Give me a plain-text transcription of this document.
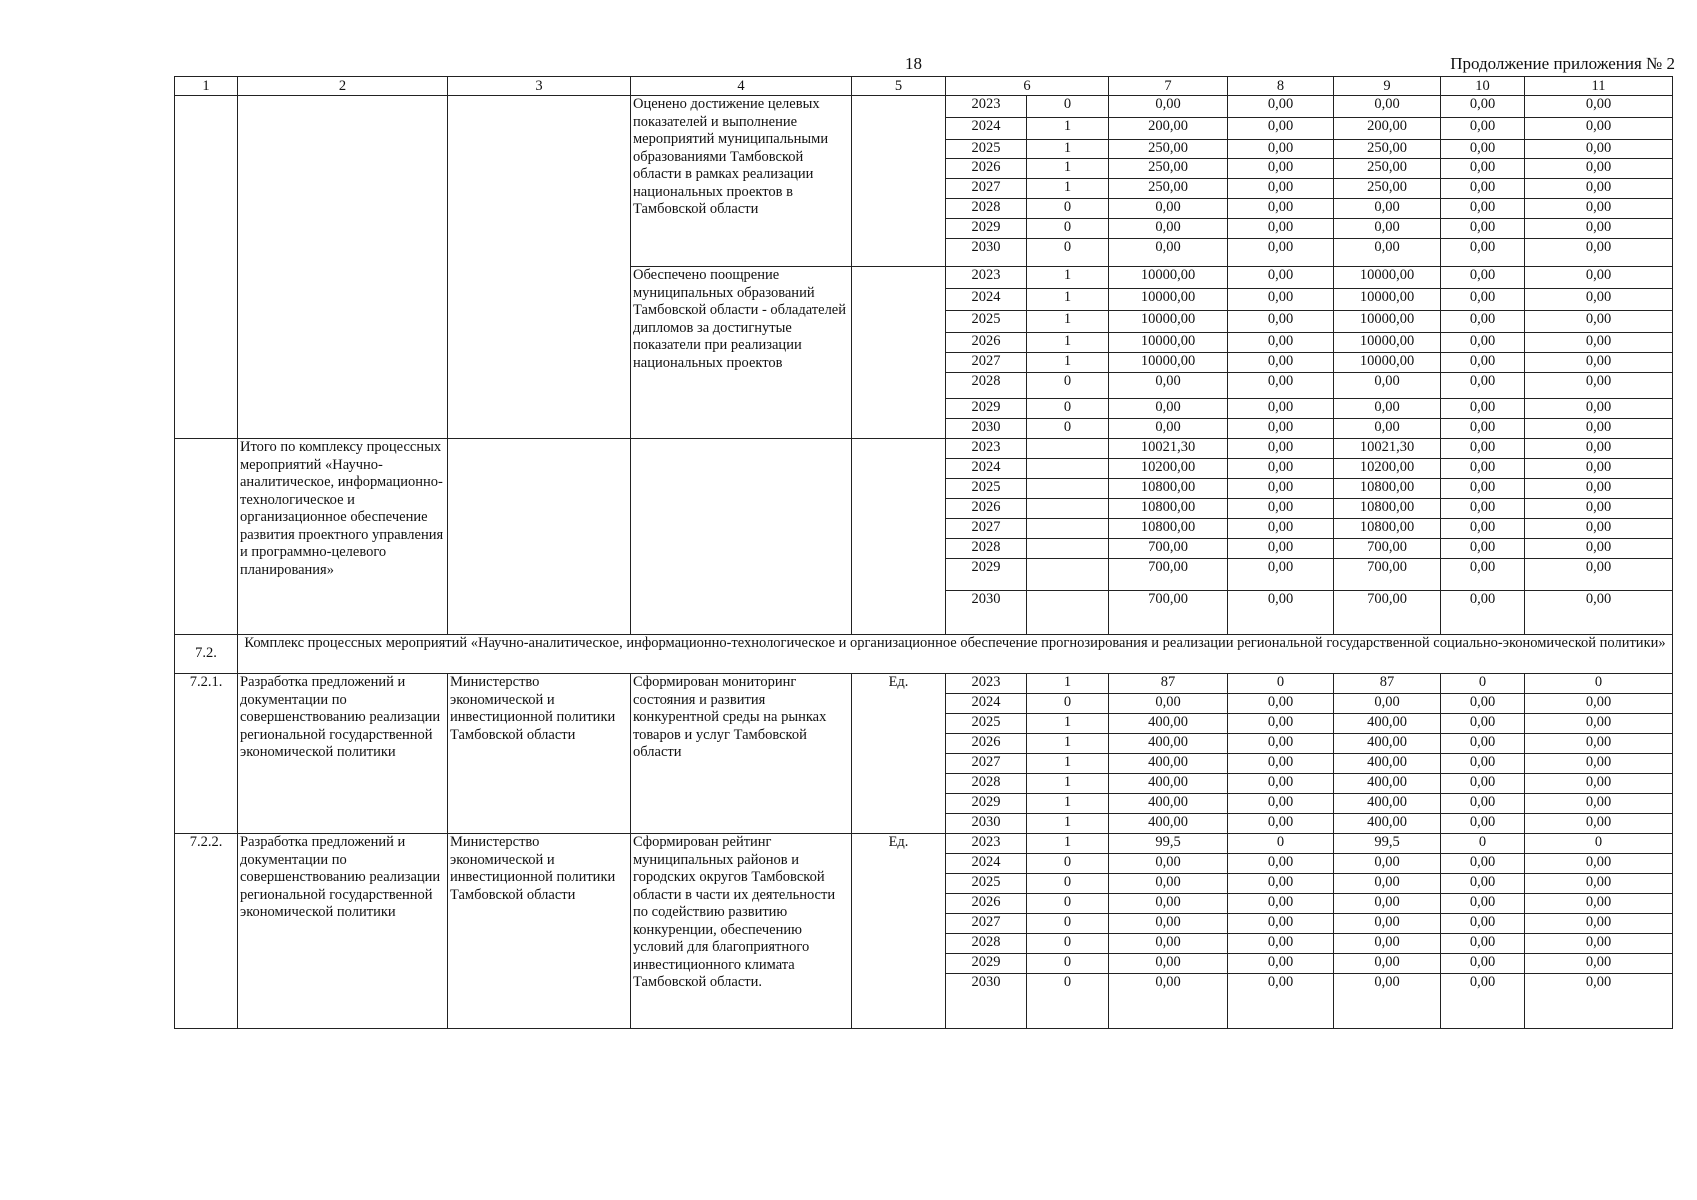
18	Продолжение приложения № 2
1	2	3	4	5	6		7	8	9	10	11
			Оценено достижение целевых показателей и выполнение мероприятий муниципальными образованиями Тамбовской области в рамках реализации национальных проектов в Тамбовской области		2023	0	0,00	0,00	0,00	0,00	0,00
					2024	1	200,00	0,00	200,00	0,00	0,00
					2025	1	250,00	0,00	250,00	0,00	0,00
					2026	1	250,00	0,00	250,00	0,00	0,00
					2027	1	250,00	0,00	250,00	0,00	0,00
					2028	0	0,00	0,00	0,00	0,00	0,00
					2029	0	0,00	0,00	0,00	0,00	0,00
					2030	0	0,00	0,00	0,00	0,00	0,00
			Обеспечено поощрение муниципальных образований Тамбовской области - обладателей дипломов за достигнутые показатели при реализации национальных проектов		2023	1	10000,00	0,00	10000,00	0,00	0,00
					2024	1	10000,00	0,00	10000,00	0,00	0,00
					2025	1	10000,00	0,00	10000,00	0,00	0,00
					2026	1	10000,00	0,00	10000,00	0,00	0,00
					2027	1	10000,00	0,00	10000,00	0,00	0,00
					2028	0	0,00	0,00	0,00	0,00	0,00
					2029	0	0,00	0,00	0,00	0,00	0,00
					2030	0	0,00	0,00	0,00	0,00	0,00
	Итого по комплексу процессных мероприятий «Научно-аналитическое, информационно-технологическое и организационное обеспечение развития проектного управления и программно-целевого планирования»				2023		10021,30	0,00	10021,30	0,00	0,00
					2024		10200,00	0,00	10200,00	0,00	0,00
					2025		10800,00	0,00	10800,00	0,00	0,00
					2026		10800,00	0,00	10800,00	0,00	0,00
					2027		10800,00	0,00	10800,00	0,00	0,00
					2028		700,00	0,00	700,00	0,00	0,00
					2029		700,00	0,00	700,00	0,00	0,00
					2030		700,00	0,00	700,00	0,00	0,00
7.2.	Комплекс процессных мероприятий «Научно-аналитическое, информационно-технологическое и организационное обеспечение прогнозирования и реализации региональной государственной социально-экономической политики»										
7.2.1.	Разработка предложений и документации по совершенствованию реализации региональной государственной экономической политики	Министерство экономической и инвестиционной политики Тамбовской области	Сформирован мониторинг состояния и развития конкурентной среды на рынках товаров и услуг Тамбовской области	Ед.	2023	1	87	0	87	0	0
					2024	0	0,00	0,00	0,00	0,00	0,00
					2025	1	400,00	0,00	400,00	0,00	0,00
					2026	1	400,00	0,00	400,00	0,00	0,00
					2027	1	400,00	0,00	400,00	0,00	0,00
					2028	1	400,00	0,00	400,00	0,00	0,00
					2029	1	400,00	0,00	400,00	0,00	0,00
					2030	1	400,00	0,00	400,00	0,00	0,00
7.2.2.	Разработка предложений и документации по совершенствованию реализации региональной государственной экономической политики	Министерство экономической и инвестиционной политики Тамбовской области	Сформирован рейтинг муниципальных районов и городских округов Тамбовской области в части их деятельности по содействию развитию конкуренции, обеспечению условий для благоприятного инвестиционного климата Тамбовской области.	Ед.	2023	1	99,5	0	99,5	0	0
					2024	0	0,00	0,00	0,00	0,00	0,00
					2025	0	0,00	0,00	0,00	0,00	0,00
					2026	0	0,00	0,00	0,00	0,00	0,00
					2027	0	0,00	0,00	0,00	0,00	0,00
					2028	0	0,00	0,00	0,00	0,00	0,00
					2029	0	0,00	0,00	0,00	0,00	0,00
					2030	0	0,00	0,00	0,00	0,00	0,00
